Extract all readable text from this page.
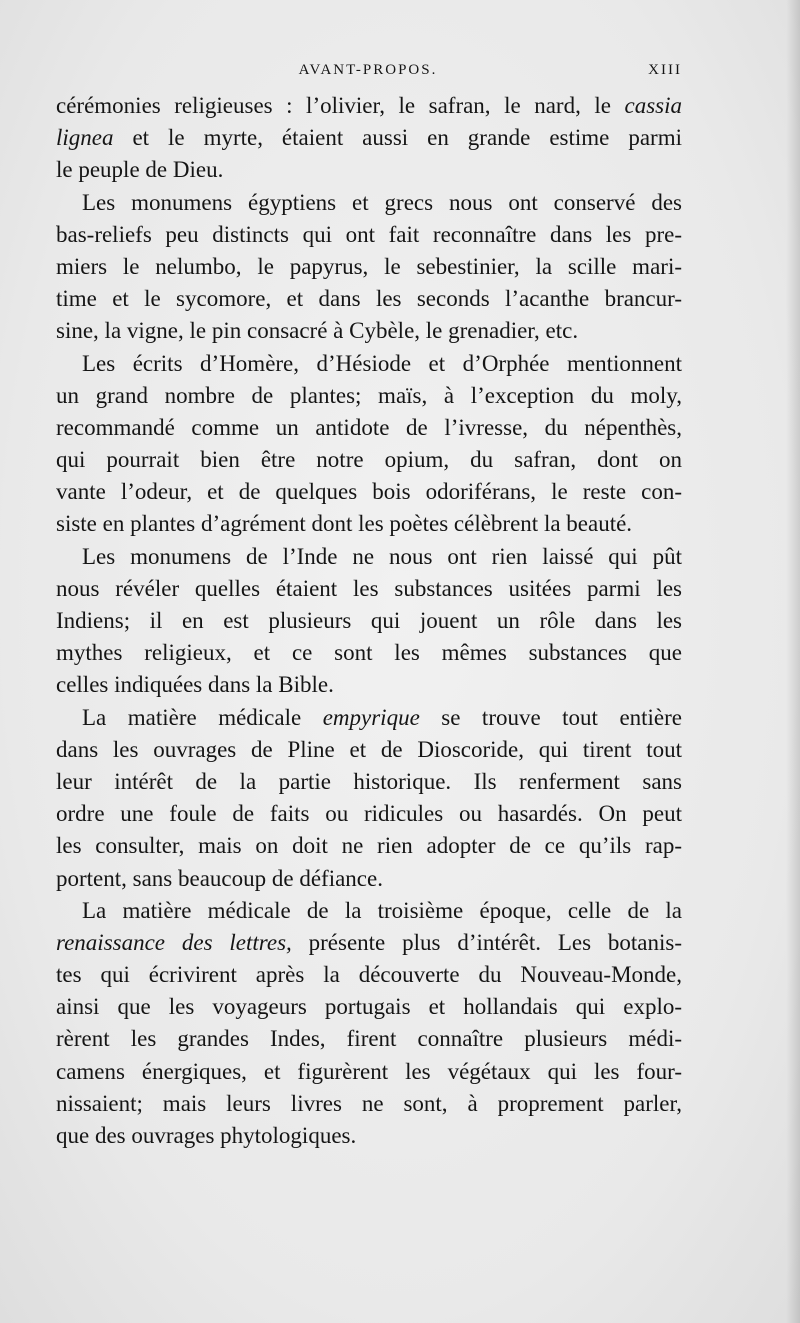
AVANT-PROPOS.	XIII
cérémonies religieuses : l’olivier, le safran, le nard, le cassia
lignea et le myrte, étaient aussi en grande estime parmi
le peuple de Dieu.
Les monumens égyptiens et grecs nous ont conservé des
bas-reliefs peu distincts qui ont fait reconnaître dans les pre-
miers le nelumbo, le papyrus, le sebestinier, la scille mari-
time et le sycomore, et dans les seconds l’acanthe brancur-
sine, la vigne, le pin consacré à Cybèle, le grenadier, etc.
Les écrits d’Homère, d’Hésiode et d’Orphée mentionnent
un grand nombre de plantes; maïs, à l’exception du moly,
recommandé comme un antidote de l’ivresse, du népenthès,
qui pourrait bien être notre opium, du safran, dont on
vante l’odeur, et de quelques bois odoriférans, le reste con-
siste en plantes d’agrément dont les poètes célèbrent la beauté.
Les monumens de l’Inde ne nous ont rien laissé qui pût
nous révéler quelles étaient les substances usitées parmi les
Indiens; il en est plusieurs qui jouent un rôle dans les
mythes religieux, et ce sont les mêmes substances que
celles indiquées dans la Bible.
La matière médicale empyrique se trouve tout entière
dans les ouvrages de Pline et de Dioscoride, qui tirent tout
leur intérêt de la partie historique. Ils renferment sans
ordre une foule de faits ou ridicules ou hasardés. On peut
les consulter, mais on doit ne rien adopter de ce qu’ils rap-
portent, sans beaucoup de défiance.
La matière médicale de la troisième époque, celle de la
renaissance des lettres, présente plus d’intérêt. Les botanis-
tes qui écrivirent après la découverte du Nouveau-Monde,
ainsi que les voyageurs portugais et hollandais qui explo-
rèrent les grandes Indes, firent connaître plusieurs médi-
camens énergiques, et figurèrent les végétaux qui les four-
nissaient; mais leurs livres ne sont, à proprement parler,
que des ouvrages phytologiques.
